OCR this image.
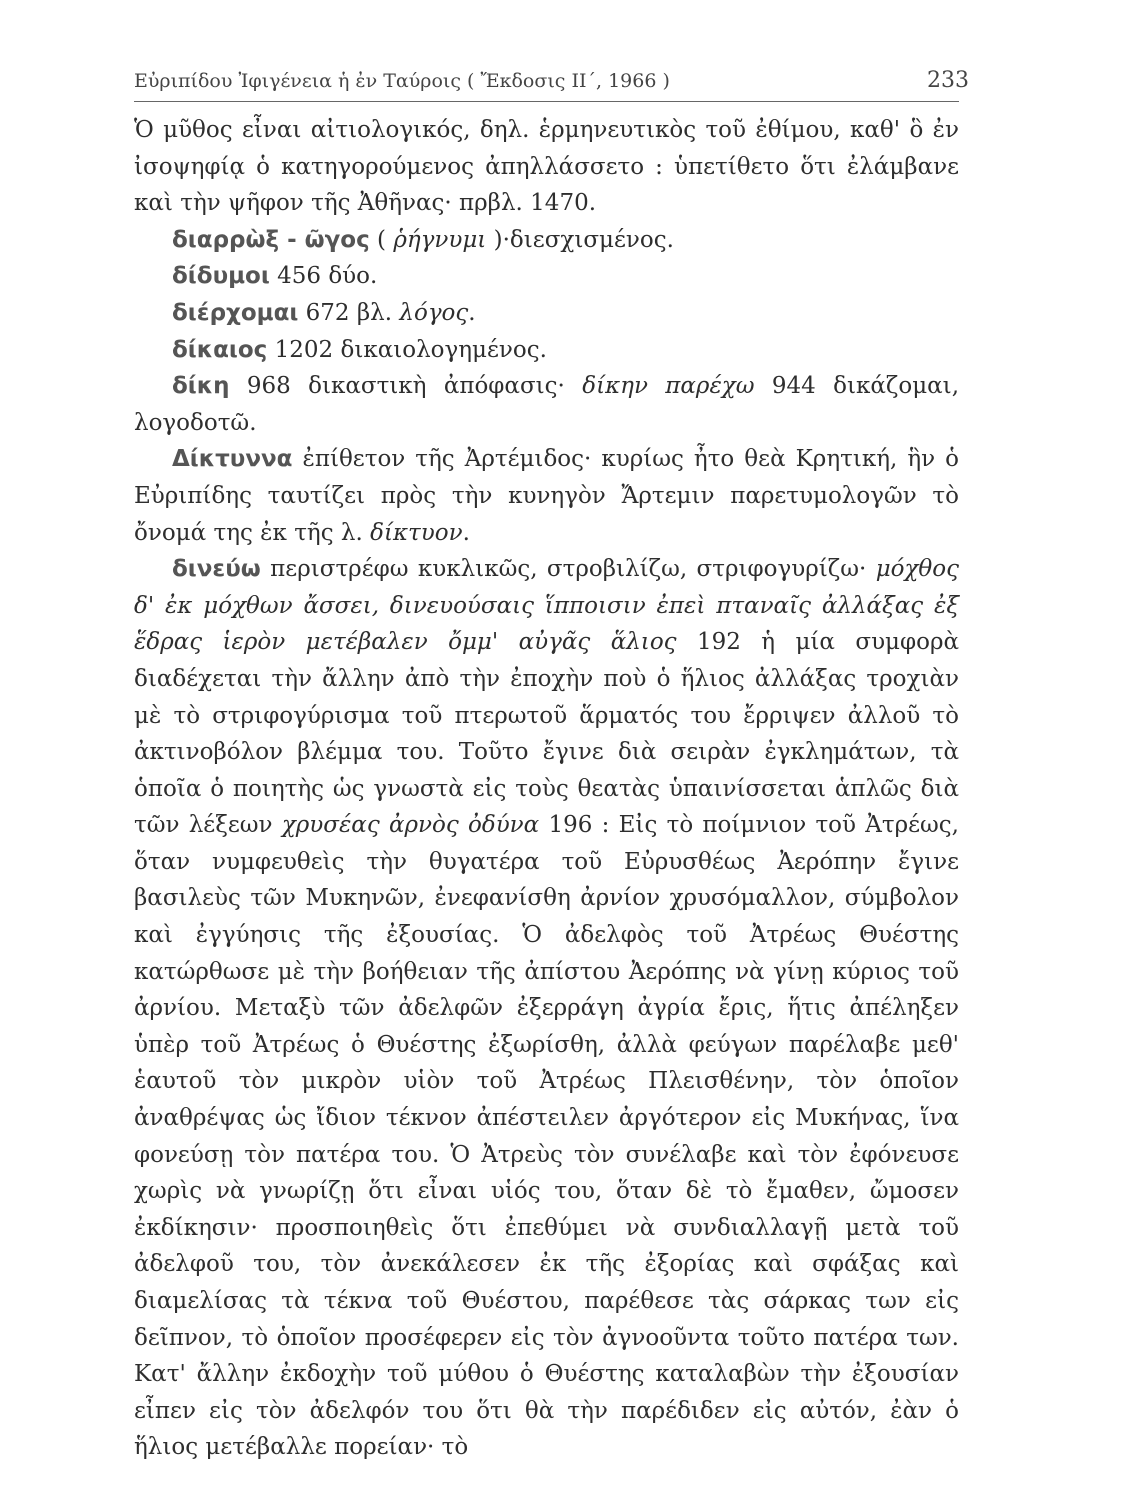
Εὐριπίδου Ἰφιγένεια ἡ ἐν Ταύροις ( Ἔκδοσις II΄, 1966 )	233

Ὁ μῦθος εἶναι αἰτιολογικός, δηλ. ἑρμηνευτικὸς τοῦ ἐθίμου, καθ' ὃ ἐν ἰσοψηφίᾳ ὁ κατηγορούμενος ἀπηλλάσσετο : ὑπετίθετο ὅτι ἐλάμβανε καὶ τὴν ψῆφον τῆς Ἀθῆνας· πρβλ. 1470.

διαρρὼξ - ῶγος ( ῥήγνυμι )·διεσχισμένος.

δίδυμοι 456 δύο.

διέρχομαι 672 βλ. λόγος.

δίκαιος 1202 δικαιολογημένος.

δίκη 968 δικαστικὴ ἀπόφασις· δίκην παρέχω 944 δικάζομαι, λογοδοτῶ.

Δίκτυννα ἐπίθετον τῆς Ἀρτέμιδος· κυρίως ἦτο θεὰ Κρητική, ἣν ὁ Εὐριπίδης ταυτίζει πρὸς τὴν κυνηγὸν Ἄρτεμιν παρετυμολογῶν τὸ ὄνομά της ἐκ τῆς λ. δίκτυον.

δινεύω περιστρέφω κυκλικῶς, στροβιλίζω, στριφογυρίζω· μόχθος δ' ἐκ μόχθων ἄσσει, δινευούσαις ἵπποισιν ἐπεὶ πταναῖς ἀλλάξας ἐξ ἕδρας ἱερὸν μετέβαλεν ὄμμ' αὐγᾶς ἅλιος 192 ἡ μία συμφορὰ διαδέχεται τὴν ἄλλην ἀπὸ τὴν ἐποχὴν ποὺ ὁ ἥλιος ἀλλάξας τροχιὰν μὲ τὸ στριφογύρισμα τοῦ πτερωτοῦ ἅρματός του ἔρριψεν ἀλλοῦ τὸ ἀκτινοβόλον βλέμμα του. Τοῦτο ἔγινε διὰ σειρὰν ἐγκλημάτων, τὰ ὁποῖα ὁ ποιητὴς ὡς γνωστὰ εἰς τοὺς θεατὰς ὑπαινίσσεται ἁπλῶς διὰ τῶν λέξεων χρυσέας ἀρνὸς ὀδύνα 196 : Εἰς τὸ ποίμνιον τοῦ Ἀτρέως, ὅταν νυμφευθεὶς τὴν θυγατέρα τοῦ Εὐρυσθέως Ἀερόπην ἔγινε βασιλεὺς τῶν Μυκηνῶν, ἐνεφανίσθη ἀρνίον χρυσόμαλλον, σύμβολον καὶ ἐγγύησις τῆς ἐξουσίας. Ὁ ἀδελφὸς τοῦ Ἀτρέως Θυέστης κατώρθωσε μὲ τὴν βοήθειαν τῆς ἀπίστου Ἀερόπης νὰ γίνῃ κύριος τοῦ ἀρνίου. Μεταξὺ τῶν ἀδελφῶν ἐξερράγη ἀγρία ἔρις, ἥτις ἀπέληξεν ὑπὲρ τοῦ Ἀτρέως ὁ Θυέστης ἐξωρίσθη, ἀλλὰ φεύγων παρέλαβε μεθ' ἑαυτοῦ τὸν μικρὸν υἱὸν τοῦ Ἀτρέως Πλεισθένην, τὸν ὁποῖον ἀναθρέψας ὡς ἴδιον τέκνον ἀπέστειλεν ἀργότερον εἰς Μυκήνας, ἵνα φονεύσῃ τὸν πατέρα του. Ὁ Ἀτρεὺς τὸν συνέλαβε καὶ τὸν ἐφόνευσε χωρὶς νὰ γνωρίζῃ ὅτι εἶναι υἱός του, ὅταν δὲ τὸ ἔμαθεν, ὤμοσεν ἐκδίκησιν· προσποιηθεὶς ὅτι ἐπεθύμει νὰ συνδιαλλαγῇ μετὰ τοῦ ἀδελφοῦ του, τὸν ἀνεκάλεσεν ἐκ τῆς ἐξορίας καὶ σφάξας καὶ διαμελίσας τὰ τέκνα τοῦ Θυέστου, παρέθεσε τὰς σάρκας των εἰς δεῖπνον, τὸ ὁποῖον προσέφερεν εἰς τὸν ἀγνοοῦντα τοῦτο πατέρα των. Κατ' ἄλλην ἐκδοχὴν τοῦ μύθου ὁ Θυέστης καταλαβὼν τὴν ἐξουσίαν εἶπεν εἰς τὸν ἀδελφόν του ὅτι θὰ τὴν παρέδιδεν εἰς αὐτόν, ἐὰν ὁ ἥλιος μετέβαλλε πορείαν· τὸ
